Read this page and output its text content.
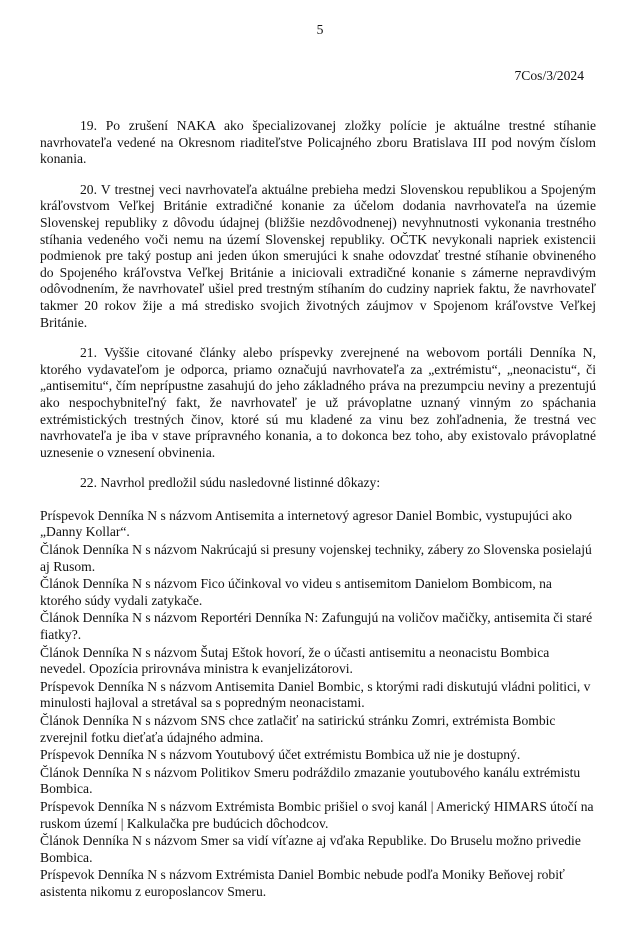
5
7Cos/3/2024

19. Po zrušení NAKA ako špecializovanej zložky polície je aktuálne trestné stíhanie navrhovateľa vedené na Okresnom riaditeľstve Policajného zboru Bratislava III pod novým číslom konania.

20. V trestnej veci navrhovateľa aktuálne prebieha medzi Slovenskou republikou a Spojeným kráľovstvom Veľkej Británie extradičné konanie za účelom dodania navrhovateľa na územie Slovenskej republiky z dôvodu údajnej (bližšie nezdôvodnenej) nevyhnutnosti vykonania trestného stíhania vedeného voči nemu na území Slovenskej republiky. OČTK nevykonali napriek existencii podmienok pre taký postup ani jeden úkon smerujúci k snahe odovzdať trestné stíhanie obvineného do Spojeného kráľovstva Veľkej Británie a iniciovali extradičné konanie s zámerne nepravdivým odôvodnením, že navrhovateľ ušiel pred trestným stíhaním do cudziny napriek faktu, že navrhovateľ takmer 20 rokov žije a má stredisko svojich životných záujmov v Spojenom kráľovstve Veľkej Británie.

21. Vyššie citované články alebo príspevky zverejnené na webovom portáli Denníka N, ktorého vydavateľom je odporca, priamo označujú navrhovateľa za „extrémistu“, „neonacistu“, či „antisemitu“, čím neprípustne zasahujú do jeho základného práva na prezumpciu neviny a prezentujú ako nespochybniteľný fakt, že navrhovateľ je už právoplatne uznaný vinným zo spáchania extrémistických trestných činov, ktoré sú mu kladené za vinu bez zohľadnenia, že trestná vec navrhovateľa je iba v stave prípravného konania, a to dokonca bez toho, aby existovalo právoplatné uznesenie o vznesení obvinenia.

22. Navrhol predložil súdu nasledovné listinné dôkazy:

Príspevok Denníka N s názvom Antisemita a internetový agresor Daniel Bombic, vystupujúci ako „Danny Kollar“.

Článok Denníka N s názvom Nakrúcajú si presuny vojenskej techniky, zábery zo Slovenska posielajú aj Rusom.

Článok Denníka N s názvom Fico účinkoval vo videu s antisemitom Danielom Bombicom, na ktorého súdy vydali zatykače.

Článok Denníka N s názvom Reportéri Denníka N: Zafungujú na voličov mačičky, antisemita či staré fiatky?.

Článok Denníka N s názvom Šutaj Eštok hovorí, že o účasti antisemitu a neonacistu Bombica nevedel. Opozícia prirovnáva ministra k evanjelizátorovi.

Príspevok Denníka N s názvom Antisemita Daniel Bombic, s ktorými radi diskutujú vládni politici, v minulosti hajloval a stretával sa s popredným neonacistami.

Článok Denníka N s názvom SNS chce zatlačiť na satirickú stránku Zomri, extrémista Bombic zverejnil fotku dieťaťa údajného admina.

Príspevok Denníka N s názvom Youtubový účet extrémistu Bombica už nie je dostupný.

Článok Denníka N s názvom Politikov Smeru podráždilo zmazanie youtubového kanálu extrémistu Bombica.

Príspevok Denníka N s názvom Extrémista Bombic prišiel o svoj kanál | Americký HIMARS útočí na ruskom území | Kalkulačka pre budúcich dôchodcov.

Článok Denníka N s názvom Smer sa vidí víťazne aj vďaka Republike. Do Bruselu možno privedie Bombica.

Príspevok Denníka N s názvom Extrémista Daniel Bombic nebude podľa Moniky Beňovej robiť asistenta nikomu z europoslancov Smeru.
